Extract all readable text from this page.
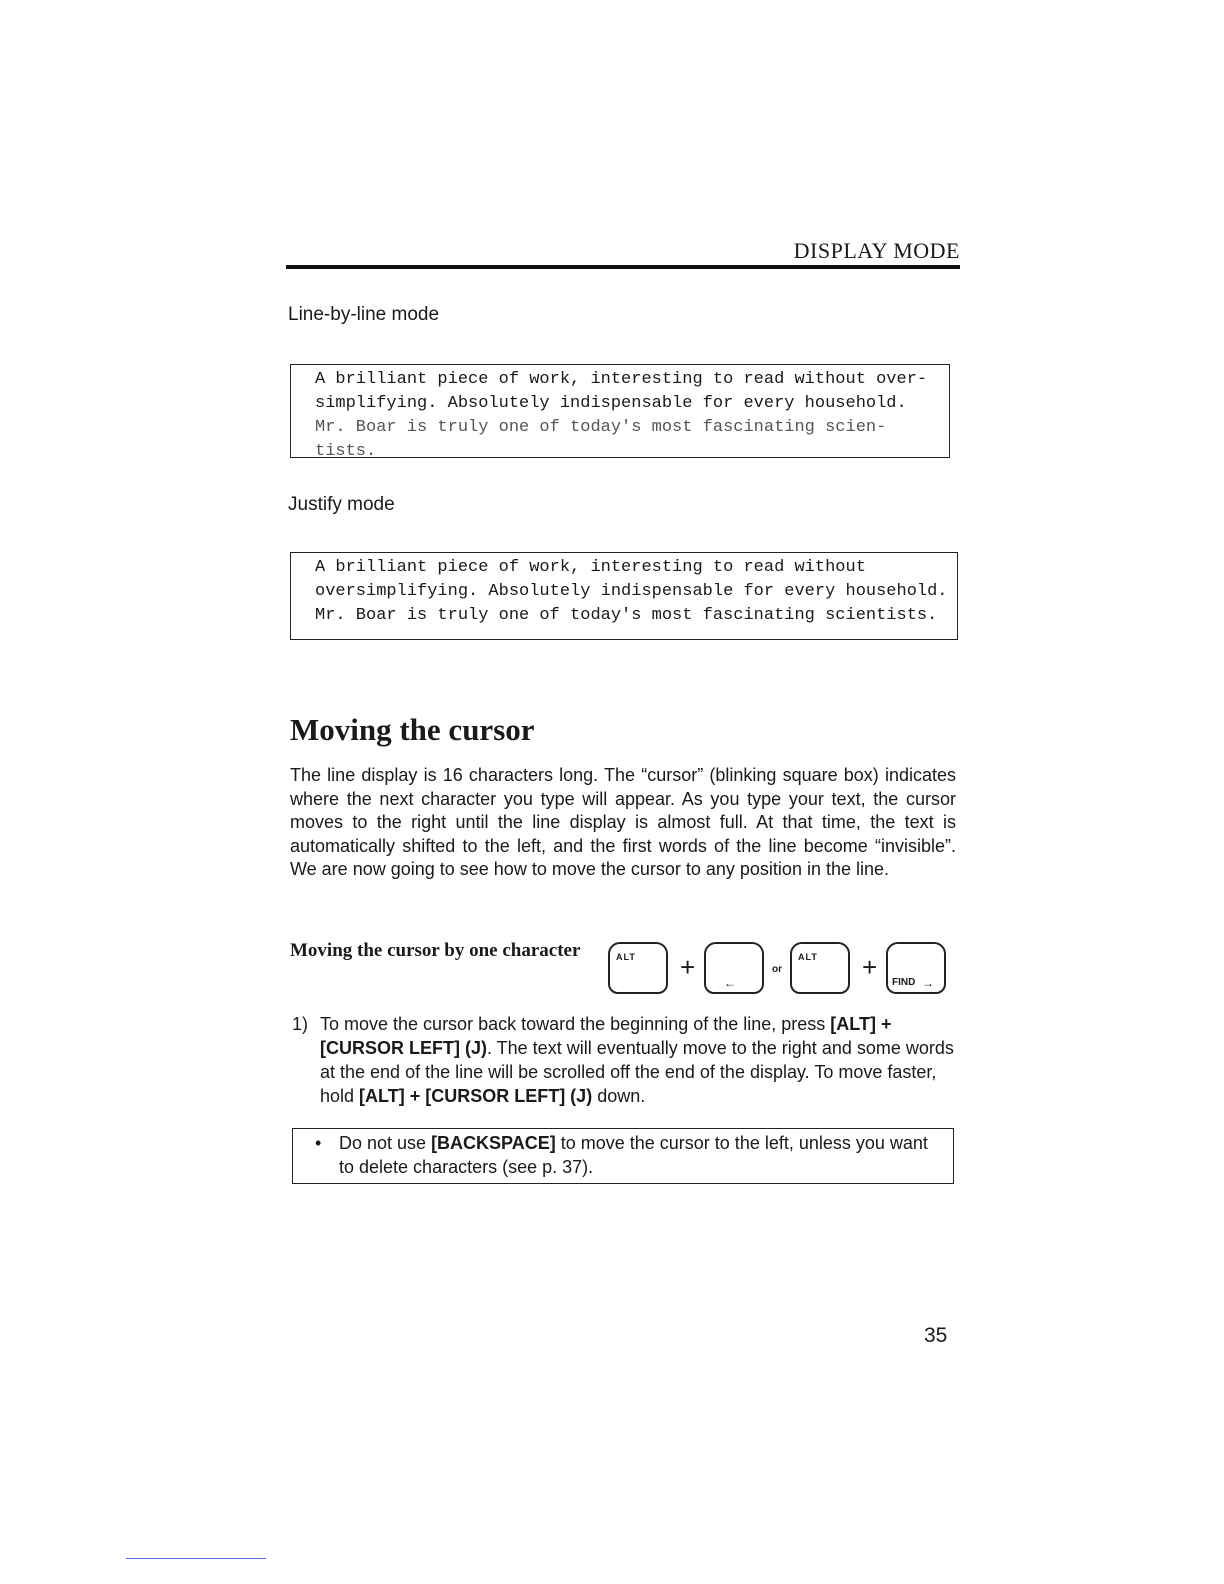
DISPLAY MODE
Line-by-line mode
A brilliant piece of work, interesting to read without over-
simplifying. Absolutely indispensable for every household.
Mr. Boar is truly one of today's most fascinating scien-
tists.
Justify mode
A brilliant piece of work, interesting to read without
oversimplifying. Absolutely indispensable for every household.
Mr. Boar is truly one of today's most fascinating scientists.
Moving the cursor
The line display is 16 characters long. The “cursor” (blinking square box) indicates where the next character you type will appear. As you type your text, the cursor moves to the right until the line display is almost full. At that time, the text is automatically shifted to the left, and the first words of the line become “invisible”. We are now going to see how to move the cursor to any position in the line.
Moving the cursor by one character	ALT +
←
or
ALT +
FIND →
1) To move the cursor back toward the beginning of the line, press [ALT] + [CURSOR LEFT] (J). The text will eventually move to the right and some words at the end of the line will be scrolled off the end of the display. To move faster, hold [ALT] + [CURSOR LEFT] (J) down.
• Do not use [BACKSPACE] to move the cursor to the left, unless you want to delete characters (see p. 37).
35
